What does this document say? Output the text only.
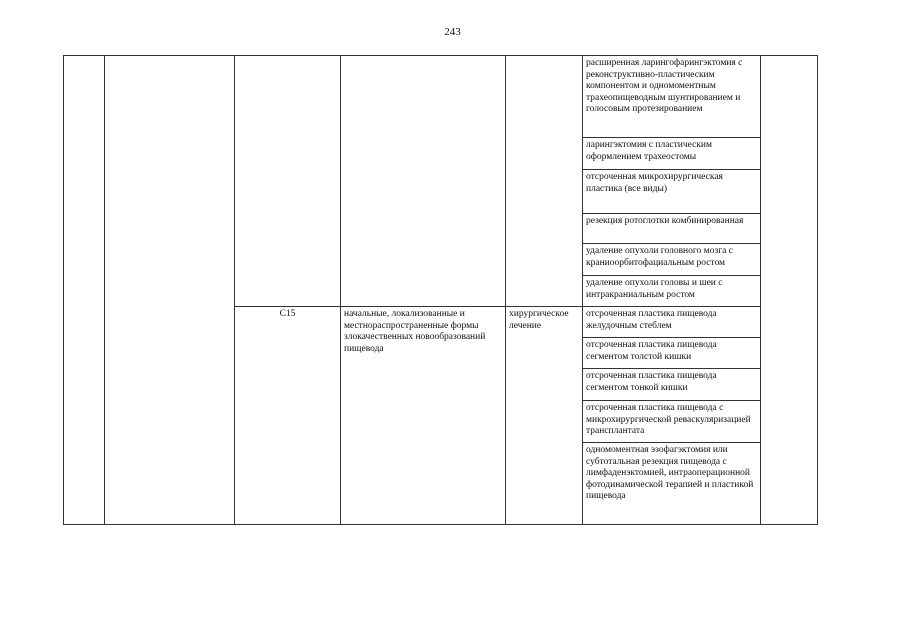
243
					расширенная ларингофарингэктомия с реконструктивно-пластическим компонентом и одномоментным трахеопищеводным шунтированием и голосовым протезированием	
					ларингэктомия с пластическим оформлением трахеостомы	
					отсроченная микрохирургическая пластика (все виды)	
					резекция ротоглотки комбинированная	
					удаление опухоли головного мозга с краниоорбитофациальным ростом	
					удаление опухоли головы и шеи с интракраниальным ростом	
		C15	начальные, локализованные и местнораспространенные формы злокачественных новообразований пищевода	хирургическое лечение	отсроченная пластика пищевода желудочным стеблем	
					отсроченная пластика пищевода сегментом толстой кишки	
					отсроченная пластика пищевода сегментом тонкой кишки	
					отсроченная пластика пищевода с микрохирургической реваскуляризацией трансплантата	
					одномоментная эзофагэктомия или субтотальная резекция пищевода с лимфаденэктомией, интраоперационной фотодинамической терапией и пластикой пищевода	
